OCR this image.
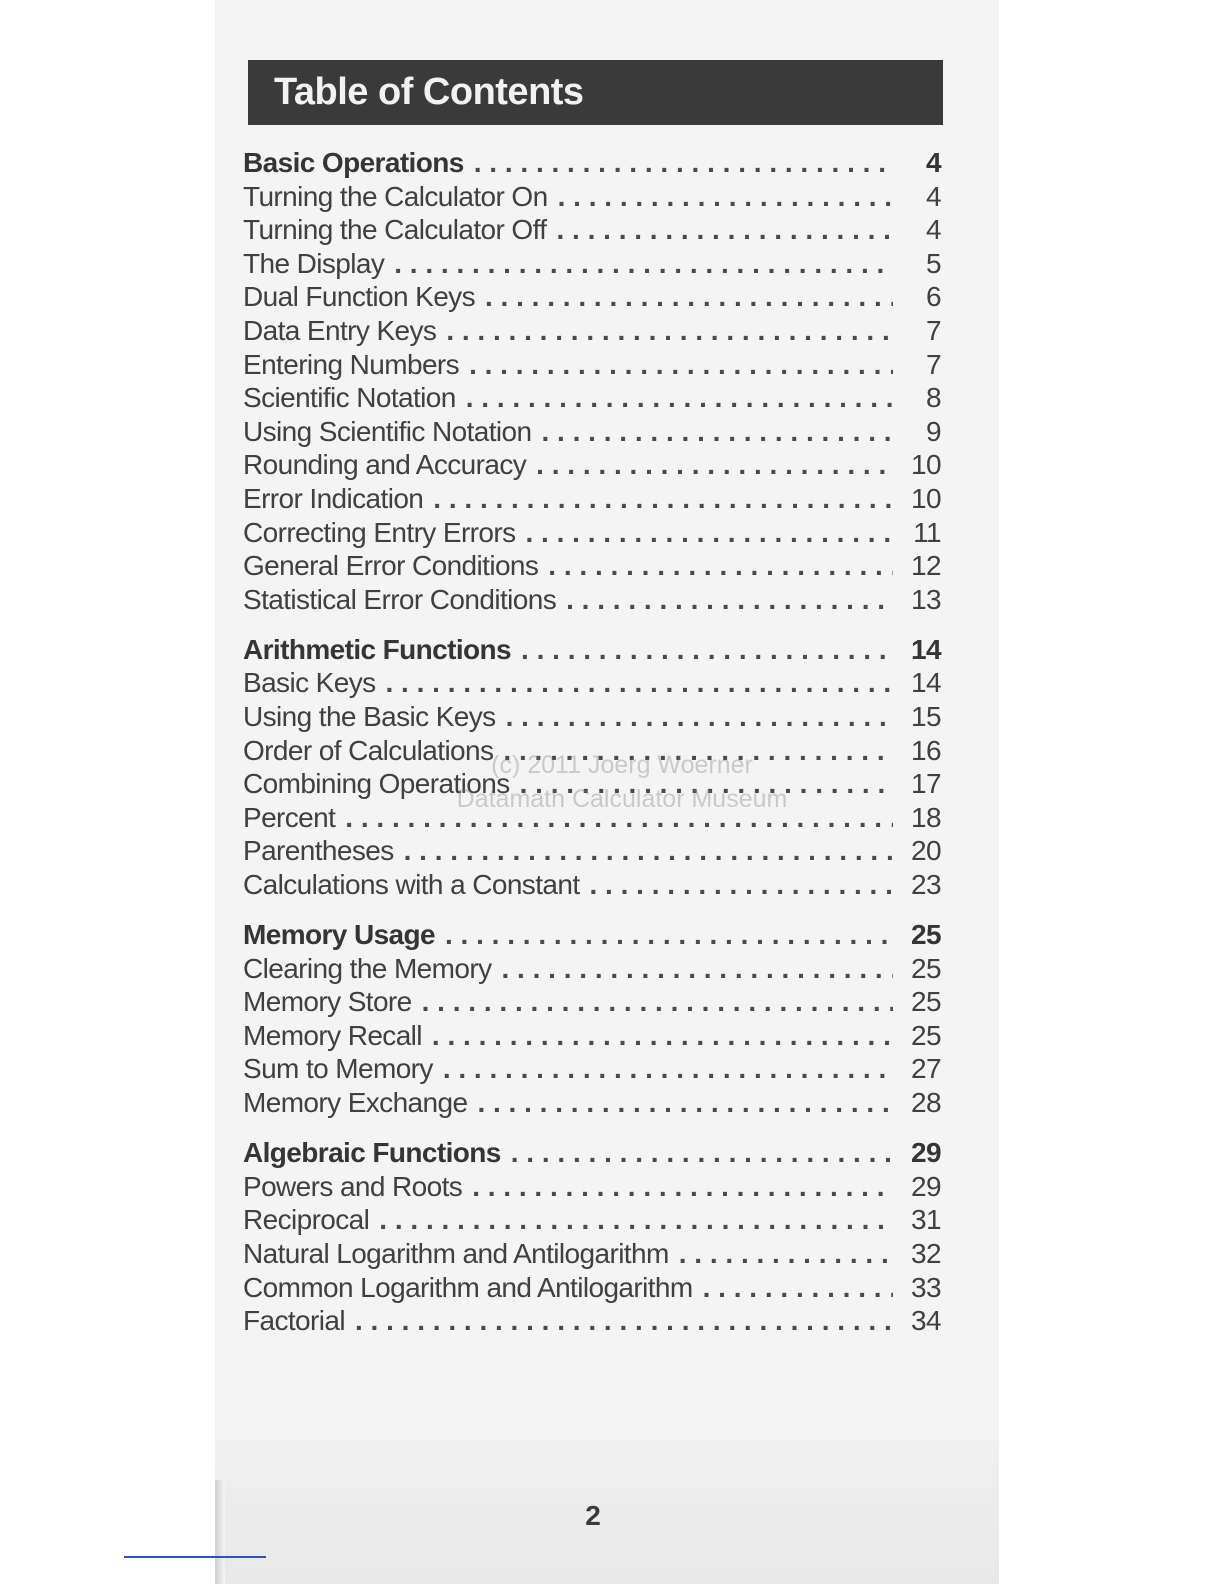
Table of Contents
Basic Operations . . .	4
Turning the Calculator On . . .	4
Turning the Calculator Off . . .	4
The Display . . .	5
Dual Function Keys . . .	6
Data Entry Keys . . .	7
Entering Numbers . . .	7
Scientific Notation . . .	8
Using Scientific Notation . . .	9
Rounding and Accuracy . . .	10
Error Indication . . .	10
Correcting Entry Errors . . .	11
General Error Conditions . . .	12
Statistical Error Conditions . . .	13
Arithmetic Functions . . .	14
Basic Keys . . .	14
Using the Basic Keys . . .	15
Order of Calculations . . .	16
Combining Operations . . .	17
Percent . . .	18
Parentheses . . .	20
Calculations with a Constant . . .	23
Memory Usage . . .	25
Clearing the Memory . . .	25
Memory Store . . .	25
Memory Recall . . .	25
Sum to Memory . . .	27
Memory Exchange . . .	28
Algebraic Functions . . .	29
Powers and Roots . . .	29
Reciprocal . . .	31
Natural Logarithm and Antilogarithm . . .	32
Common Logarithm and Antilogarithm . . .	33
Factorial . . .	34
(c) 2011 Joerg Woerner
Datamath Calculator Museum
2
